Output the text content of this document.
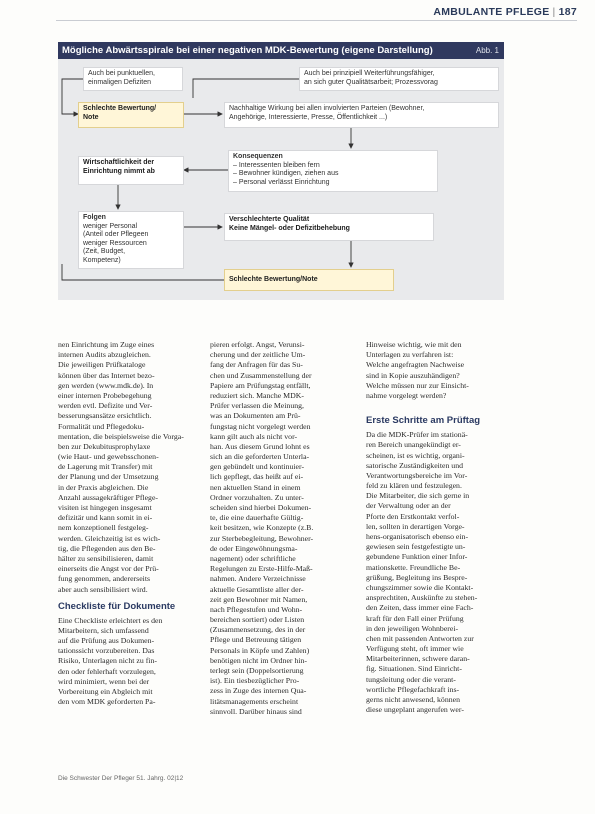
AMBULANTE PFLEGE | 187
Mögliche Abwärtsspirale bei einer negativen MDK-Bewertung (eigene Darstellung)	Abb. 1
Auch bei punktuellen,
einmaligen Defiziten
Auch bei prinzipiell Weiterführungsfähiger,
an sich guter Qualitätsarbeit; Prozessvorag
Schlechte Bewertung/
Note
Nachhaltige Wirkung bei allen involvierten Parteien (Bewohner,
Angehörige, Interessierte, Presse, Öffentlichkeit ...)
Wirtschaftlichkeit der
Einrichtung nimmt ab
Konsequenzen
– Interessenten bleiben fern
– Bewohner kündigen, ziehen aus
– Personal verlässt Einrichtung
Folgen
weniger Personal
(Anteil oder Pflegeen
weniger Ressourcen
(Zeit, Budget,
Kompetenz)
Verschlechterte Qualität
Keine Mängel- oder Defizitbehebung
Schlechte Bewertung/Note

nen Einrichtung im Zuge eines
internen Audits abzugleichen.
Die jeweiligen Prüfkataloge
können über das Internet bezo-
gen werden (www.mdk.de). In
einer internen Probebegehung
werden evtl. Defizite und Ver-
besserungsansätze ersichtlich.
Formalität und Pflegedoku-
mentation, die beispielsweise die Vorga-
ben zur Dekubitusprophylaxe
(wie Haut- und gewebsschonen-
de Lagerung mit Transfer) mit
der Planung und der Umsetzung
in der Praxis abgleichen. Die
Anzahl aussagekräftiger Pflege-
visiten ist hingegen insgesamt
defizitär und kann somit in ei-
nem konzeptionell festgeleg-
werden. Gleichzeitig ist es wich-
tig, die Pflegenden aus den Be-
hälter zu sensibilisieren, damit
einerseits die Angst vor der Prü-
fung genommen, andererseits
aber auch sensibilisiert wird.

Checkliste für Dokumente

Eine Checkliste erleichtert es den
Mitarbeitern, sich umfassend
auf die Prüfung aus Dokumen-
tationssicht vorzubereiten. Das
Risiko, Unterlagen nicht zu fin-
den oder fehlerhaft vorzulegen,
wird minimiert, wenn bei der
Vorbereitung ein Abgleich mit
den vom MDK geforderten Pa-

pieren erfolgt. Angst, Verunsi-
cherung und der zeitliche Um-
fang der Anfragen für das Su-
chen und Zusammenstellung der
Papiere am Prüfungstag entfällt,
reduziert sich. Manche MDK-
Prüfer verlassen die Meinung,
was an Dokumenten am Prü-
fungstag nicht vorgelegt werden
kann gilt auch als nicht vor-
han. Aus diesem Grund lohnt es
sich an die geforderten Unterla-
gen gebündelt und kontinuier-
lich gepflegt, das heißt auf ei-
nen aktuellen Stand in einem
Ordner vorzuhalten. Zu unter-
scheiden sind hierbei Dokumen-
te, die eine dauerhafte Gültig-
keit besitzen, wie Konzepte (z.B.
zur Sterbebegleitung, Bewohner-
de oder Eingewöhnungsma-
nagement) oder schriftliche
Regelungen zu Erste-Hilfe-Maß-
nahmen. Andere Verzeichnisse
aktuelle Gesamtliste aller der-
zeit gen Bewohner mit Namen,
nach Pflegestufen und Wohn-
bereichen sortiert) oder Listen
(Zusammensetzung, des in der
Pflege und Betreuung tätigen
Personals in Köpfe und Zahlen)
benötigen nicht im Ordner hin-
terlegt sein (Doppelsortierung
ist). Ein tiesbezüglicher Pro-
zess in Zuge des internen Qua-
litätsmanagements erscheint
sinnvoll. Darüber hinaus sind

Hinweise wichtig, wie mit den
Unterlagen zu verfahren ist:
Welche angefragten Nachweise
sind in Kopie auszuhändigen?
Welche müssen nur zur Einsicht-
nahme vorgelegt werden?

Erste Schritte am Prüftag

Da die MDK-Prüfer im stationä-
ren Bereich unangekündigt er-
scheinen, ist es wichtig, organi-
satorische Zuständigkeiten und
Verantwortungsbereiche im Vor-
feld zu klären und festzulegen.
Die Mitarbeiter, die sich gerne in
der Verwaltung oder an der
Pforte den Erstkontakt verfol-
len, sollten in derartigen Vorge-
hens-organisatorisch ebenso ein-
gewiesen sein festgefestigte un-
gebundene Funktion einer Infor-
mationskette. Freundliche Be-
grüßung, Begleitung ins Bespre-
chungszimmer sowie die Kontakt-
ansprechtiten, Auskünfte zu stehen-
den Zeiten, dass immer eine Fach-
kraft für den Fall einer Prüfung
in den jeweiligen Wohnberei-
chen mit passenden Antworten zur
Verfügung steht, oft immer wie
Mitarbeiterinnen, schwere daran-
fig. Situationen. Sind Einricht-
tungsleitung oder die verant-
wortliche Pflegefachkraft ins-
gerns nicht anwesend, können
diese ungeplant angerufen wer-

Die Schwester Der Pfleger 51. Jahrg. 02|12
